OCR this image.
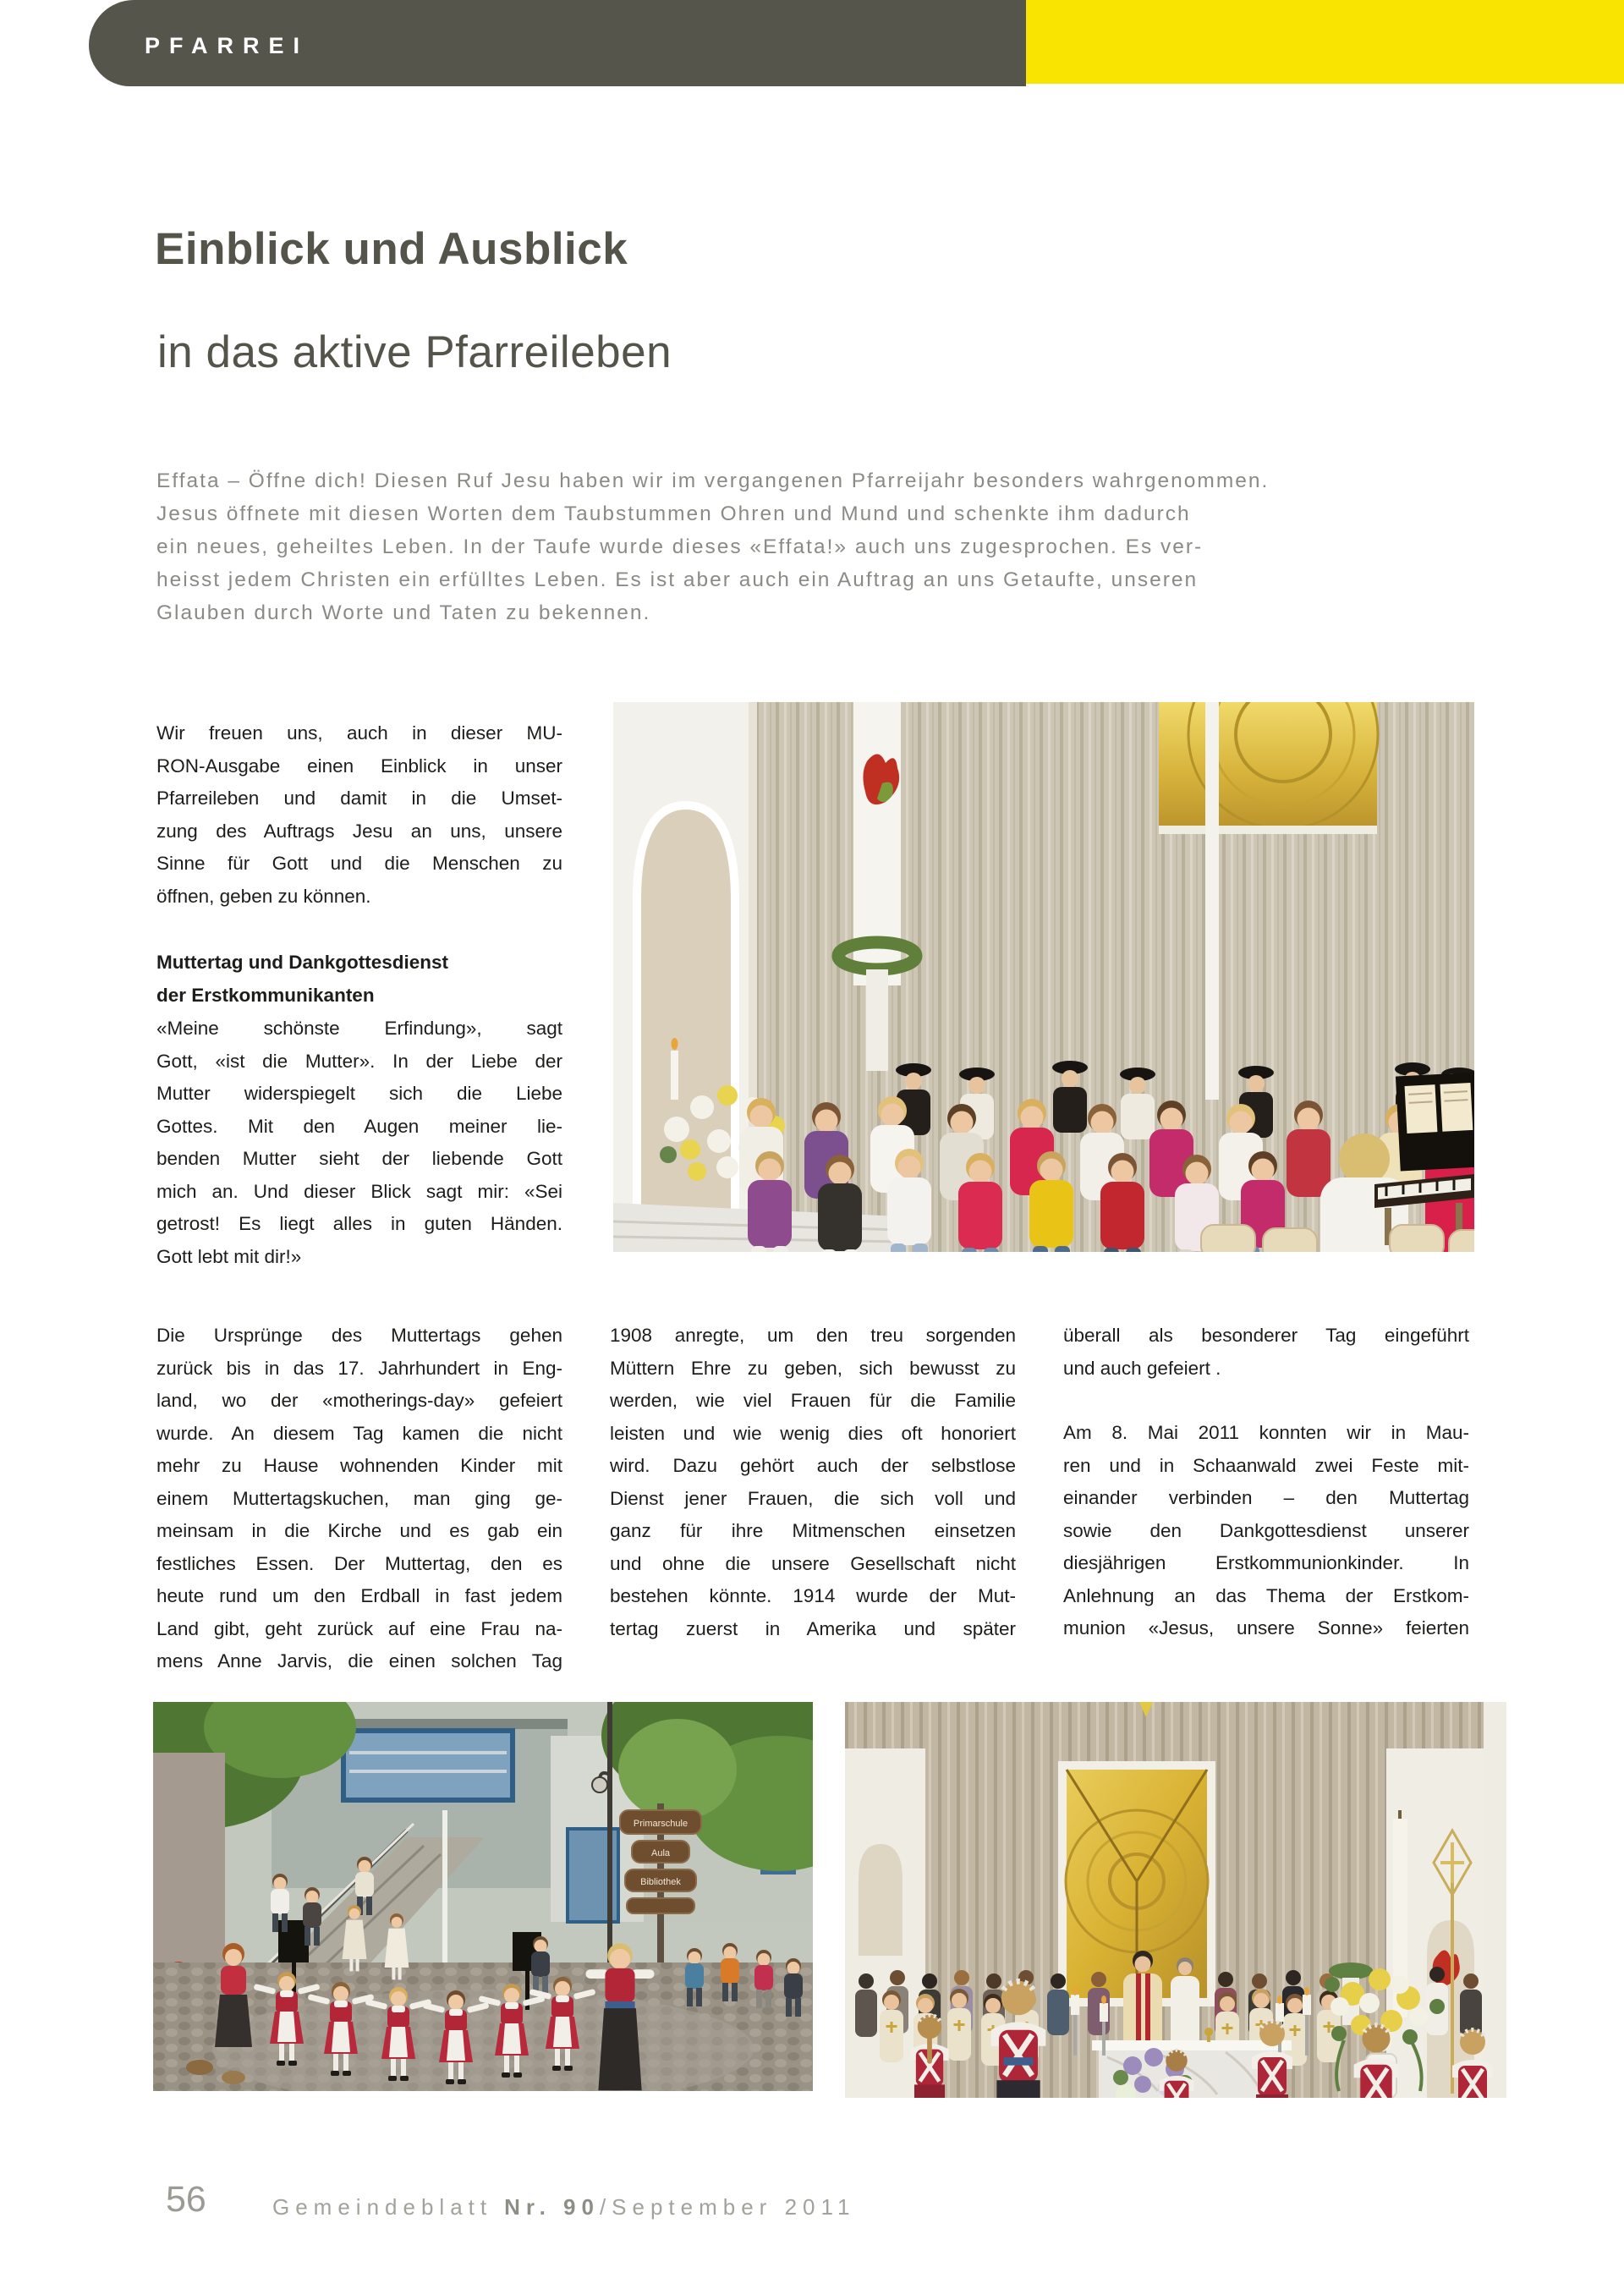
PFARREI
Einblick und Ausblick
in das aktive Pfarreileben
Effata – Öffne dich! Diesen Ruf Jesu haben wir im vergangenen Pfarreijahr besonders wahrgenommen.
Jesus öffnete mit diesen Worten dem Taubstummen Ohren und Mund und schenkte ihm dadurch
ein neues, geheiltes Leben. In der Taufe wurde dieses «Effata!» auch uns zugesprochen. Es ver-
heisst jedem Christen ein erfülltes Leben. Es ist aber auch ein Auftrag an uns Getaufte, unseren
Glauben durch Worte und Taten zu bekennen.
Wir freuen uns, auch in dieser MU-
RON-Ausgabe einen Einblick in unser
Pfarreileben und damit in die Umset-
zung des Auftrags Jesu an uns, unsere
Sinne für Gott und die Menschen zu
öffnen, geben zu können.
Muttertag und Dankgottesdienst
der Erstkommunikanten
«Meine schönste Erfindung», sagt
Gott, «ist die Mutter». In der Liebe der
Mutter widerspiegelt sich die Liebe
Gottes. Mit den Augen meiner lie-
benden Mutter sieht der liebende Gott
mich an. Und dieser Blick sagt mir: «Sei
getrost! Es liegt alles in guten Händen.
Gott lebt mit dir!»
Die Ursprünge des Muttertags gehen
zurück bis in das 17. Jahrhundert in Eng-
land, wo der «motherings-day» gefeiert
wurde. An diesem Tag kamen die nicht
mehr zu Hause wohnenden Kinder mit
einem Muttertagskuchen, man ging ge-
meinsam in die Kirche und es gab ein
festliches Essen. Der Muttertag, den es
heute rund um den Erdball in fast jedem
Land gibt, geht zurück auf eine Frau na-
mens Anne Jarvis, die einen solchen Tag
1908 anregte, um den treu sorgenden
Müttern Ehre zu geben, sich bewusst zu
werden, wie viel Frauen für die Familie
leisten und wie wenig dies oft honoriert
wird. Dazu gehört auch der selbstlose
Dienst jener Frauen, die sich voll und
ganz für ihre Mitmenschen einsetzen
und ohne die unsere Gesellschaft nicht
bestehen könnte. 1914 wurde der Mut-
tertag zuerst in Amerika und später
überall als besonderer Tag eingeführt
und auch gefeiert .
Am 8. Mai 2011 konnten wir in Mau-
ren und in Schaanwald zwei Feste mit-
einander verbinden – den Muttertag
sowie den Dankgottesdienst unserer
diesjährigen Erstkommunionkinder. In
Anlehnung an das Thema der Erstkom-
munion «Jesus, unsere Sonne» feierten
Primarschule
Aula
Bibliothek
56	Gemeindeblatt Nr. 90/September 2011
